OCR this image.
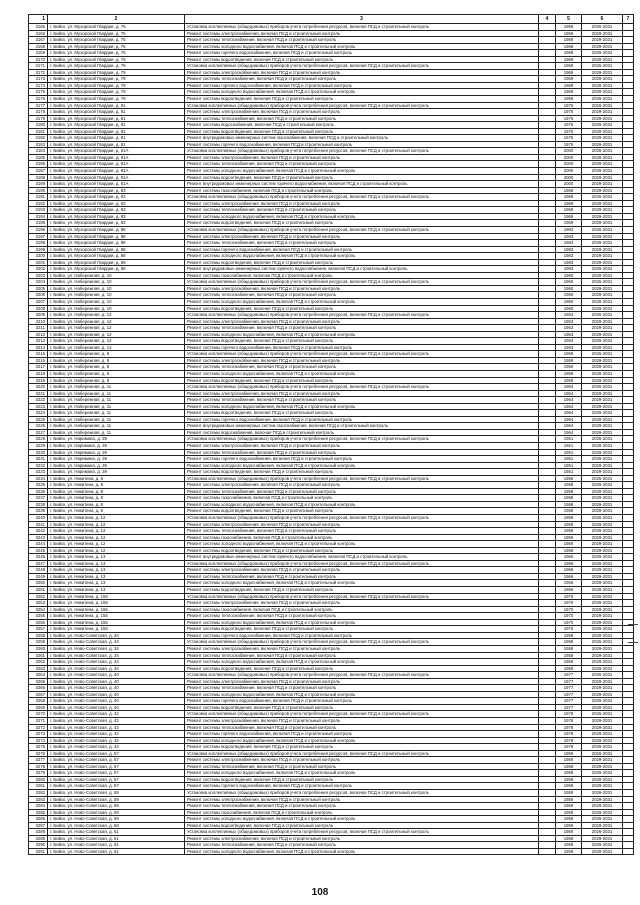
1	2	3	4	5	6	7
3165	г. Бийск, ул. Мухорской Гвардии, д. 75	Установка коллективных (общедомовых) приборов учета потребления ресурсов, включая ПСД и строительный контроль		1969	2026-2031	
3166	г. Бийск, ул. Мухорской Гвардии, д. 75	Ремонт системы электроснабжения, включая ПСД и строительный контроль		1969	2029-2031	
3167	г. Бийск, ул. Мухорской Гвардии, д. 75	Ремонт системы теплоснабжения, включая ПСД и строительный контроль		1969	2029-2031	
3168	г. Бийск, ул. Мухорской Гвардии, д. 75	Ремонт системы холодного водоснабжения, включая ПСД и строительный контроль		1969	2029-2031	
3169	г. Бийск, ул. Мухорской Гвардии, д. 75	Ремонт системы горячего водоснабжения, включая ПСД и строительный контроль		1969	2029-2031	
3170	г. Бийск, ул. Мухорской Гвардии, д. 75	Ремонт системы водоотведения, включая ПСД и строительный контроль		1969	2029-2031	
3171	г. Бийск, ул. Мухорской Гвардии, д. 79	Установка коллективных (общедомовых) приборов учета потребления ресурсов, включая ПСД и строительный контроль		1969	2026-2031	
3172	г. Бийск, ул. Мухорской Гвардии, д. 79	Ремонт системы электроснабжения, включая ПСД и строительный контроль		1969	2029-2031	
3173	г. Бийск, ул. Мухорской Гвардии, д. 79	Ремонт системы теплоснабжения, включая ПСД и строительный контроль		1969	2029-2031	
3174	г. Бийск, ул. Мухорской Гвардии, д. 79	Ремонт системы горячего водоснабжения, включая ПСД и строительный контроль		1969	2029-2031	
3175	г. Бийск, ул. Мухорской Гвардии, д. 79	Ремонт системы холодного водоснабжения, включая ПСД и строительный контроль		1969	2029-2031	
3176	г. Бийск, ул. Мухорской Гвардии, д. 79	Ремонт системы водоотведения, включая ПСД и строительный контроль		1969	2029-2031	
3177	г. Бийск, ул. Мухорской Гвардии, д. 81	Установка коллективных (общедомовых) приборов учета потребления ресурсов, включая ПСД и строительный контроль		1975	2026-2031	
3178	г. Бийск, ул. Мухорской Гвардии, д. 81	Ремонт системы электроснабжения, включая ПСД и строительный контроль		1975	2029-2031	
3179	г. Бийск, ул. Мухорской Гвардии, д. 81	Ремонт системы теплоснабжения, включая ПСД и строительный контроль		1975	2029-2031	
3180	г. Бийск, ул. Мухорской Гвардии, д. 81	Ремонт системы водоснабжения, включая ПСД и строительный контроль		1975	2029-2031	
3181	г. Бийск, ул. Мухорской Гвардии, д. 81	Ремонт системы водоотведения, включая ПСД и строительный контроль		1975	2029-2031	
3182	г. Бийск, ул. Мухорской Гвардии, д. 81	Ремонт внутридомовых инженерных систем газоснабжения, включая ПСД и строительный контроль		1975	2029-2031	
3183	г. Бийск, ул. Мухорской Гвардии, д. 81	Ремонт системы горячего водоснабжения, включая ПСД и строительный контроль		1975	2029-2031	
3184	г. Бийск, ул. Мухорской Гвардии, д. 81А	Установка коллективных (общедомовых) приборов учета потребления ресурсов, включая ПСД и строительный контроль		2000	2026-2031	
3185	г. Бийск, ул. Мухорской Гвардии, д. 81А	Ремонт системы электроснабжения, включая ПСД и строительный контроль		2000	2029-2031	
3186	г. Бийск, ул. Мухорской Гвардии, д. 81А	Ремонт системы теплоснабжения, включая ПСД и строительный контроль		2000	2029-2031	
3187	г. Бийск, ул. Мухорской Гвардии, д. 81А	Ремонт системы холодного водоснабжения, включая ПСД и строительный контроль		2000	2029-2031	
3188	г. Бийск, ул. Мухорской Гвардии, д. 81А	Ремонт системы водоотведения, включая ПСД и строительный контроль		2000	2029-2031	
3189	г. Бийск, ул. Мухорской Гвардии, д. 81А	Ремонт внутридомовых инженерных систем горячего водоснабжения, включая ПСД и строительный контроль		2000	2029-2031	
3190	г. Бийск, ул. Мухорской Гвардии, д. 83	Ремонт системы газоснабжения, включая ПСД и строительный контроль		1969	2029-2031	
3191	г. Бийск, ул. Мухорской Гвардии, д. 83	Установка коллективных (общедомовых) приборов учета потребления ресурсов, включая ПСД и строительный контроль		1969	2026-2031	
3192	г. Бийск, ул. Мухорской Гвардии, д. 83	Ремонт системы электроснабжения, включая ПСД и строительный контроль		1969	2029-2031	
3193	г. Бийск, ул. Мухорской Гвардии, д. 83	Ремонт системы теплоснабжения, включая ПСД и строительный контроль		1969	2029-2031	
3194	г. Бийск, ул. Мухорской Гвардии, д. 83	Ремонт системы холодного водоснабжения, включая ПСД и строительный контроль		1969	2029-2031	
3195	г. Бийск, ул. Мухорской Гвардии, д. 83	Ремонт системы водоотведения, включая ПСД и строительный контроль		1969	2029-2031	
3196	г. Бийск, ул. Мухорской Гвардии, д. 88	Установка коллективных (общедомовых) приборов учета потребления ресурсов, включая ПСД и строительный контроль		1983	2026-2031	
3197	г. Бийск, ул. Мухорской Гвардии, д. 88	Ремонт системы электроснабжения, включая ПСД и строительный контроль		1983	2029-2031	
3198	г. Бийск, ул. Мухорской Гвардии, д. 88	Ремонт системы теплоснабжения, включая ПСД и строительный контроль		1983	2029-2031	
3199	г. Бийск, ул. Мухорской Гвардии, д. 88	Ремонт системы горячего водоснабжения, включая ПСД и строительный контроль		1983	2029-2031	
3200	г. Бийск, ул. Мухорской Гвардии, д. 88	Ремонт системы холодного водоснабжения, включая ПСД и строительный контроль		1983	2029-2031	
3201	г. Бийск, ул. Мухорской Гвардии, д. 88	Ремонт системы водоотведения, включая ПСД и строительный контроль		1983	2029-2031	
3202	г. Бийск, ул. Мухорской Гвардии, д. 88	Ремонт внутридомовых инженерных систем горячего водоснабжения, включая ПСД и строительный контроль		1983	2029-2031	
3203	г. Бийск, ул. Набережная, д. 10	Ремонт системы газоснабжения, включая ПСД и строительный контроль		1960	2029-2031	
3204	г. Бийск, ул. Набережная, д. 10	Установка коллективных (общедомовых) приборов учета потребления ресурсов, включая ПСД и строительный контроль		1960	2026-2031	
3205	г. Бийск, ул. Набережная, д. 10	Ремонт системы электроснабжения, включая ПСД и строительный контроль		1960	2029-2031	
3206	г. Бийск, ул. Набережная, д. 10	Ремонт системы теплоснабжения, включая ПСД и строительный контроль		1960	2029-2031	
3207	г. Бийск, ул. Набережная, д. 10	Ремонт системы холодного водоснабжения, включая ПСД и строительный контроль		1960	2029-2031	
3208	г. Бийск, ул. Набережная, д. 10	Ремонт системы водоотведения, включая ПСД и строительный контроль		1960	2029-2031	
3209	г. Бийск, ул. Набережная, д. 12	Установка коллективных (общедомовых) приборов учета потребления ресурсов, включая ПСД и строительный контроль		1953	2026-2031	
3210	г. Бийск, ул. Набережная, д. 12	Ремонт системы электроснабжения, включая ПСД и строительный контроль		1953	2029-2031	
3211	г. Бийск, ул. Набережная, д. 12	Ремонт системы теплоснабжения, включая ПСД и строительный контроль		1953	2029-2031	
3212	г. Бийск, ул. Набережная, д. 12	Ремонт системы холодного водоснабжения, включая ПСД и строительный контроль		1953	2029-2031	
3213	г. Бийск, ул. Набережная, д. 12	Ремонт системы водоотведения, включая ПСД и строительный контроль		1953	2029-2031	
3214	г. Бийск, ул. Набережная, д. 12	Ремонт системы горячего водоснабжения, включая ПСД и строительный контроль		1953	2029-2031	
3215	г. Бийск, ул. Набережная, д. 8	Установка коллективных (общедомовых) приборов учета потребления ресурсов, включая ПСД и строительный контроль		1959	2026-2031	
3216	г. Бийск, ул. Набережная, д. 8	Ремонт системы электроснабжения, включая ПСД и строительный контроль		1959	2029-2031	
3217	г. Бийск, ул. Набережная, д. 8	Ремонт системы теплоснабжения, включая ПСД и строительный контроль		1959	2029-2031	
3218	г. Бийск, ул. Набережная, д. 8	Ремонт системы холодного водоснабжения, включая ПСД и строительный контроль		1959	2029-2031	
3219	г. Бийск, ул. Набережная, д. 8	Ремонт системы водоотведения, включая ПСД и строительный контроль		1959	2029-2031	
3220	г. Бийск, ул. Набережная, д. 11	Установка коллективных (общедомовых) приборов учета потребления ресурсов, включая ПСД и строительный контроль		1964	2026-2031	
3221	г. Бийск, ул. Набережная, д. 11	Ремонт системы электроснабжения, включая ПСД и строительный контроль		1964	2029-2031	
3222	г. Бийск, ул. Набережная, д. 11	Ремонт системы теплоснабжения, включая ПСД и строительный контроль		1964	2029-2031	
3223	г. Бийск, ул. Набережная, д. 11	Ремонт системы холодного водоснабжения, включая ПСД и строительный контроль		1964	2029-2031	
3224	г. Бийск, ул. Набережная, д. 11	Ремонт системы водоотведения, включая ПСД и строительный контроль		1964	2029-2031	
3225	г. Бийск, ул. Набережная, д. 11	Ремонт системы горячего водоснабжения, включая ПСД и строительный контроль		1964	2029-2031	
3226	г. Бийск, ул. Набережная, д. 11	Ремонт внутридомовых инженерных систем газоснабжения, включая ПСД и строительный контроль		1964	2029-2031	
3227	г. Бийск, ул. Набережная, д. 11	Ремонт системы водоснабжения, включая ПСД и строительный контроль		1964	2029-2031	
3228	г. Бийск, ул. Наримана, д. 39	Установка коллективных (общедомовых) приборов учета потребления ресурсов, включая ПСД и строительный контроль		1951	2026-2031	
3229	г. Бийск, ул. Наримана, д. 39	Ремонт системы электроснабжения, включая ПСД и строительный контроль		1951	2029-2031	
3230	г. Бийск, ул. Наримана, д. 39	Ремонт системы теплоснабжения, включая ПСД и строительный контроль		1951	2029-2031	
3231	г. Бийск, ул. Наримана, д. 39	Ремонт системы горячего водоснабжения, включая ПСД и строительный контроль		1951	2029-2031	
3232	г. Бийск, ул. Наримана, д. 39	Ремонт системы холодного водоснабжения, включая ПСД и строительный контроль		1951	2029-2031	
3233	г. Бийск, ул. Наримана, д. 39	Ремонт системы водоотведения, включая ПСД и строительный контроль		1951	2029-2031	
3234	г. Бийск, ул. Никитина, д. 8	Установка коллективных (общедомовых) приборов учета потребления ресурсов, включая ПСД и строительный контроль		1958	2026-2031	
3235	г. Бийск, ул. Никитина, д. 8	Ремонт системы электроснабжения, включая ПСД и строительный контроль		1958	2029-2031	
3236	г. Бийск, ул. Никитина, д. 8	Ремонт системы теплоснабжения, включая ПСД и строительный контроль		1958	2029-2031	
3237	г. Бийск, ул. Никитина, д. 8	Ремонт системы газоснабжения, включая ПСД и строительный контроль		1958	2029-2031	
3238	г. Бийск, ул. Никитина, д. 8	Ремонт системы холодного водоснабжения, включая ПСД и строительный контроль		1958	2029-2031	
3239	г. Бийск, ул. Никитина, д. 8	Ремонт системы водоотведения, включая ПСД и строительный контроль		1958	2029-2031	
3240	г. Бийск, ул. Никитина, д. 12	Установка коллективных (общедомовых) приборов учета потребления ресурсов, включая ПСД и строительный контроль		1959	2026-2031	
3241	г. Бийск, ул. Никитина, д. 12	Ремонт системы электроснабжения, включая ПСД и строительный контроль		1959	2029-2031	
3242	г. Бийск, ул. Никитина, д. 12	Ремонт системы теплоснабжения, включая ПСД и строительный контроль		1959	2029-2031	
3243	г. Бийск, ул. Никитина, д. 12	Ремонт системы газоснабжения, включая ПСД и строительный контроль		1959	2029-2031	
3244	г. Бийск, ул. Никитина, д. 12	Ремонт системы холодного водоснабжения, включая ПСД и строительный контроль		1959	2029-2031	
3245	г. Бийск, ул. Никитина, д. 12	Ремонт системы водоотведения, включая ПСД и строительный контроль		1959	2029-2031	
3246	г. Бийск, ул. Никитина, д. 13	Ремонт внутридомовых инженерных систем горячего водоснабжения, включая ПСД и строительный контроль		1966	2029-2031	
3247	г. Бийск, ул. Никитина, д. 13	Установка коллективных (общедомовых) приборов учета потребления ресурсов, включая ПСД и строительный контроль		1966	2026-2031	
3248	г. Бийск, ул. Никитина, д. 13	Ремонт системы электроснабжения, включая ПСД и строительный контроль		1966	2029-2031	
3249	г. Бийск, ул. Никитина, д. 13	Ремонт системы теплоснабжения, включая ПСД и строительный контроль		1966	2029-2031	
3250	г. Бийск, ул. Никитина, д. 13	Ремонт системы холодного водоснабжения, включая ПСД и строительный контроль		1966	2029-2031	
3251	г. Бийск, ул. Никитина, д. 13	Ремонт системы водоотведения, включая ПСД и строительный контроль		1966	2029-2031	
3252	г. Бийск, ул. Никитина, д. 155	Установка коллективных (общедомовых) приборов учета потребления ресурсов, включая ПСД и строительный контроль		1970	2026-2031	
3253	г. Бийск, ул. Никитина, д. 155	Ремонт системы электроснабжения, включая ПСД и строительный контроль		1970	2029-2031	
3254	г. Бийск, ул. Никитина, д. 155	Ремонт системы газоснабжения, включая ПСД и строительный контроль		1970	2029-2031	
3255	г. Бийск, ул. Никитина, д. 155	Ремонт системы теплоснабжения, включая ПСД и строительный контроль		1970	2029-2031	
3256	г. Бийск, ул. Никитина, д. 155	Ремонт системы холодного водоснабжения, включая ПСД и строительный контроль		1970	2029-2031	
3257	г. Бийск, ул. Никитина, д. 155	Ремонт системы водоотведения, включая ПСД и строительный контроль		1970	2029-2031	
3258	г. Бийск, ул. Ново-Советская, д. 34	Ремонт системы горячего водоснабжения, включая ПСД и строительный контроль		1958	2029-2031	
3259	г. Бийск, ул. Ново-Советская, д. 34	Установка коллективных (общедомовых) приборов учета потребления ресурсов, включая ПСД и строительный контроль		1958	2026-2031	
3260	г. Бийск, ул. Ново-Советская, д. 34	Ремонт системы электроснабжения, включая ПСД и строительный контроль		1958	2029-2031	
3261	г. Бийск, ул. Ново-Советская, д. 34	Ремонт системы теплоснабжения, включая ПСД и строительный контроль		1958	2029-2031	
3262	г. Бийск, ул. Ново-Советская, д. 34	Ремонт системы холодного водоснабжения, включая ПСД и строительный контроль		1958	2029-2031	
3263	г. Бийск, ул. Ново-Советская, д. 34	Ремонт системы водоотведения, включая ПСД и строительный контроль		1958	2029-2031	
3264	г. Бийск, ул. Ново-Советская, д. 40	Установка коллективных (общедомовых) приборов учета потребления ресурсов, включая ПСД и строительный контроль		1977	2026-2031	
3265	г. Бийск, ул. Ново-Советская, д. 40	Ремонт системы электроснабжения, включая ПСД и строительный контроль		1977	2029-2031	
3266	г. Бийск, ул. Ново-Советская, д. 40	Ремонт системы теплоснабжения, включая ПСД и строительный контроль		1977	2029-2031	
3267	г. Бийск, ул. Ново-Советская, д. 40	Ремонт системы холодного водоснабжения, включая ПСД и строительный контроль		1977	2029-2031	
3268	г. Бийск, ул. Ново-Советская, д. 40	Ремонт системы горячего водоснабжения, включая ПСД и строительный контроль		1977	2029-2031	
3269	г. Бийск, ул. Ново-Советская, д. 40	Ремонт системы водоотведения, включая ПСД и строительный контроль		1977	2029-2031	
3270	г. Бийск, ул. Ново-Советская, д. 42	Установка коллективных (общедомовых) приборов учета потребления ресурсов, включая ПСД и строительный контроль		1978	2026-2031	
3271	г. Бийск, ул. Ново-Советская, д. 42	Ремонт системы электроснабжения, включая ПСД и строительный контроль		1978	2029-2031	
3272	г. Бийск, ул. Ново-Советская, д. 42	Ремонт системы теплоснабжения, включая ПСД и строительный контроль		1978	2029-2031	
3273	г. Бийск, ул. Ново-Советская, д. 42	Ремонт системы горячего водоснабжения, включая ПСД и строительный контроль		1978	2029-2031	
3274	г. Бийск, ул. Ново-Советская, д. 42	Ремонт системы холодного водоснабжения, включая ПСД и строительный контроль		1978	2029-2031	
3275	г. Бийск, ул. Ново-Советская, д. 42	Ремонт системы водоотведения, включая ПСД и строительный контроль		1978	2029-2031	
3276	г. Бийск, ул. Ново-Советская, д. 57	Установка коллективных (общедомовых) приборов учета потребления ресурсов, включая ПСД и строительный контроль		1959	2026-2031	
3277	г. Бийск, ул. Ново-Советская, д. 57	Ремонт системы электроснабжения, включая ПСД и строительный контроль		1959	2029-2031	
3278	г. Бийск, ул. Ново-Советская, д. 57	Ремонт системы теплоснабжения, включая ПСД и строительный контроль		1959	2029-2031	
3279	г. Бийск, ул. Ново-Советская, д. 57	Ремонт системы холодного водоснабжения, включая ПСД и строительный контроль		1959	2029-2031	
3280	г. Бийск, ул. Ново-Советская, д. 57	Ремонт системы водоотведения, включая ПСД и строительный контроль		1959	2029-2031	
3281	г. Бийск, ул. Ново-Советская, д. 57	Ремонт системы горячего водоснабжения, включая ПСД и строительный контроль		1959	2029-2031	
3282	г. Бийск, ул. Ново-Советская, д. 59	Установка коллективных (общедомовых) приборов учета потребления ресурсов, включая ПСД и строительный контроль		1959	2026-2031	
3283	г. Бийск, ул. Ново-Советская, д. 59	Ремонт системы электроснабжения, включая ПСД и строительный контроль		1959	2029-2031	
3284	г. Бийск, ул. Ново-Советская, д. 59	Ремонт системы теплоснабжения, включая ПСД и строительный контроль		1959	2029-2031	
3285	г. Бийск, ул. Ново-Советская, д. 59	Ремонт системы газоснабжения, включая ПСД и строительный контроль		1959	2029-2031	
3286	г. Бийск, ул. Ново-Советская, д. 59	Ремонт системы холодного водоснабжения, включая ПСД и строительный контроль		1959	2029-2031	
3287	г. Бийск, ул. Ново-Советская, д. 59	Ремонт системы водоотведения, включая ПСД и строительный контроль		1959	2029-2031	
3288	г. Бийск, ул. Ново-Советская, д. 61	Установка коллективных (общедомовых) приборов учета потребления ресурсов, включая ПСД и строительный контроль		1959	2026-2031	
3289	г. Бийск, ул. Ново-Советская, д. 61	Ремонт системы электроснабжения, включая ПСД и строительный контроль		1959	2029-2031	
3290	г. Бийск, ул. Ново-Советская, д. 61	Ремонт системы теплоснабжения, включая ПСД и строительный контроль		1959	2029-2031	
3291	г. Бийск, ул. Ново-Советская, д. 61	Ремонт системы холодного водоснабжения, включая ПСД и строительный контроль		1959	2029-2031	
108
